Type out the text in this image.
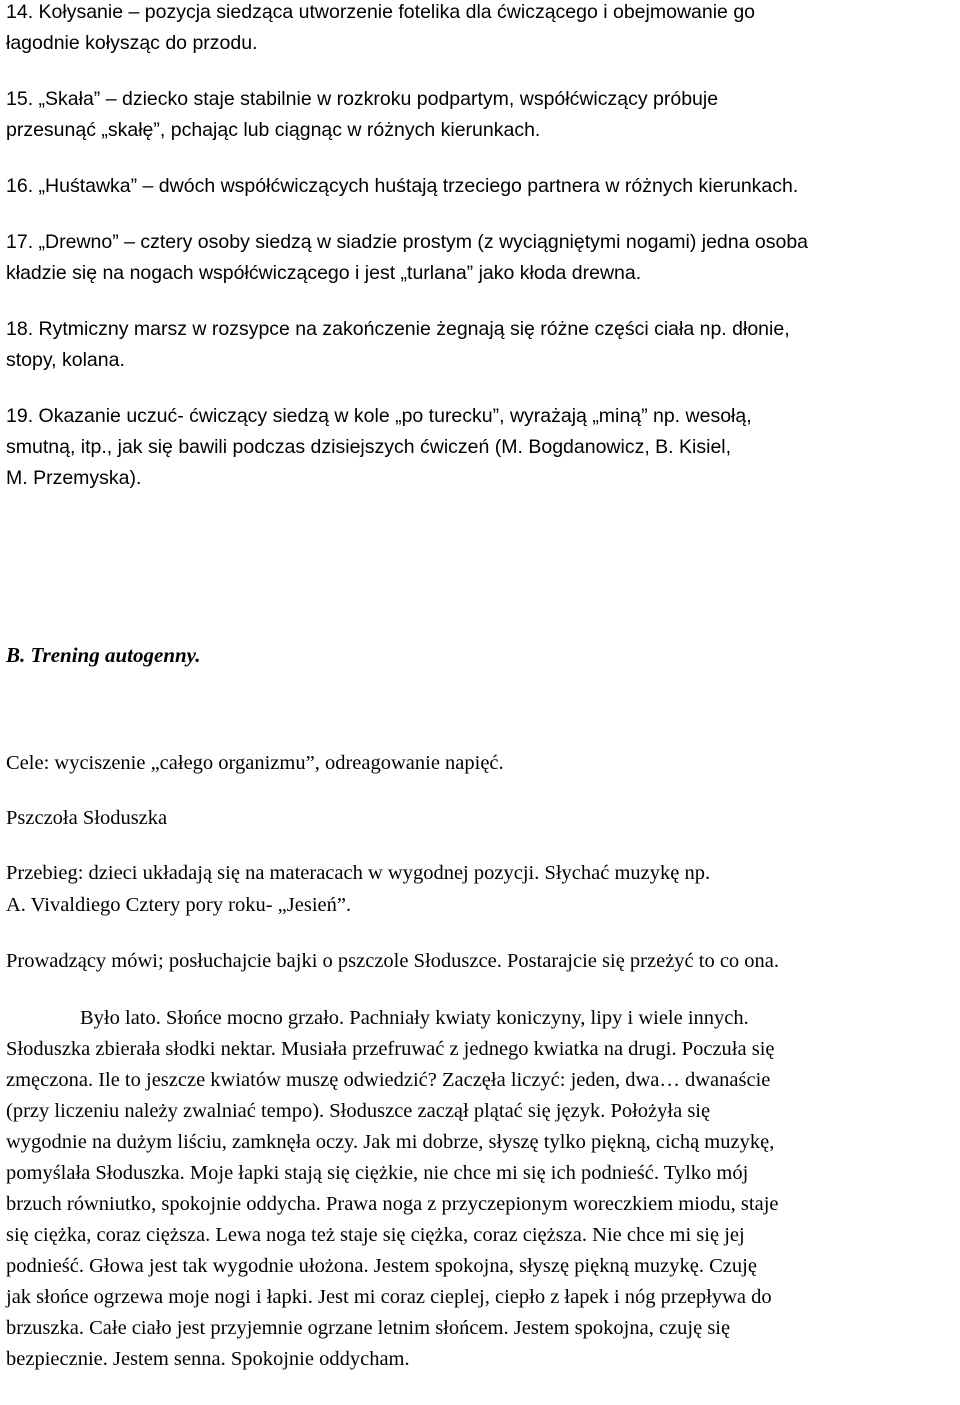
14. Kołysanie – pozycja siedząca utworzenie fotelika dla ćwiczącego i obejmowanie go

łagodnie kołysząc do przodu.

15. „Skała” – dziecko staje stabilnie w rozkroku podpartym, współćwiczący próbuje

przesunąć „skałę”, pchając lub ciągnąc w różnych kierunkach.

16. „Huśtawka” – dwóch współćwiczących huśtają trzeciego partnera w różnych kierunkach.

17. „Drewno” – cztery osoby siedzą w siadzie prostym (z wyciągniętymi nogami) jedna osoba

kładzie się na nogach współćwiczącego i jest „turlana” jako kłoda drewna.

18. Rytmiczny marsz w rozsypce na zakończenie żegnają się różne części ciała np. dłonie,

stopy, kolana.

19. Okazanie uczuć- ćwiczący siedzą w kole „po turecku”, wyrażają „miną” np. wesołą,

smutną, itp., jak się bawili podczas dzisiejszych ćwiczeń (M. Bogdanowicz, B. Kisiel,

M. Przemyska).

B. Trening autogenny.

Cele: wyciszenie „całego organizmu”, odreagowanie napięć.

Pszczoła Słoduszka

Przebieg: dzieci układają się na materacach w wygodnej pozycji. Słychać muzykę np.

A. Vivaldiego Cztery pory roku- „Jesień”.

Prowadzący mówi; posłuchajcie bajki o pszczole Słoduszce. Postarajcie się przeżyć to co ona.

Było lato. Słońce mocno grzało. Pachniały kwiaty koniczyny, lipy i wiele innych.

Słoduszka zbierała słodki nektar. Musiała przefruwać z jednego kwiatka na drugi. Poczuła się

zmęczona. Ile to jeszcze kwiatów muszę odwiedzić? Zaczęła liczyć: jeden, dwa… dwanaście

(przy liczeniu należy zwalniać tempo). Słoduszce zaczął plątać się język. Położyła się

wygodnie na dużym liściu, zamknęła oczy. Jak mi dobrze, słyszę tylko piękną, cichą muzykę,

pomyślała Słoduszka. Moje łapki stają się ciężkie, nie chce mi się ich podnieść. Tylko mój

brzuch równiutko, spokojnie oddycha. Prawa noga z przyczepionym woreczkiem miodu, staje

się ciężka, coraz cięższa. Lewa noga też staje się ciężka, coraz cięższa. Nie chce mi się jej

podnieść. Głowa jest tak wygodnie ułożona. Jestem spokojna, słyszę piękną muzykę. Czuję

jak słońce ogrzewa moje nogi i łapki. Jest mi coraz cieplej, ciepło z łapek i nóg przepływa do

brzuszka. Całe ciało jest przyjemnie ogrzane letnim słońcem. Jestem spokojna, czuję się

bezpiecznie. Jestem senna. Spokojnie oddycham.
